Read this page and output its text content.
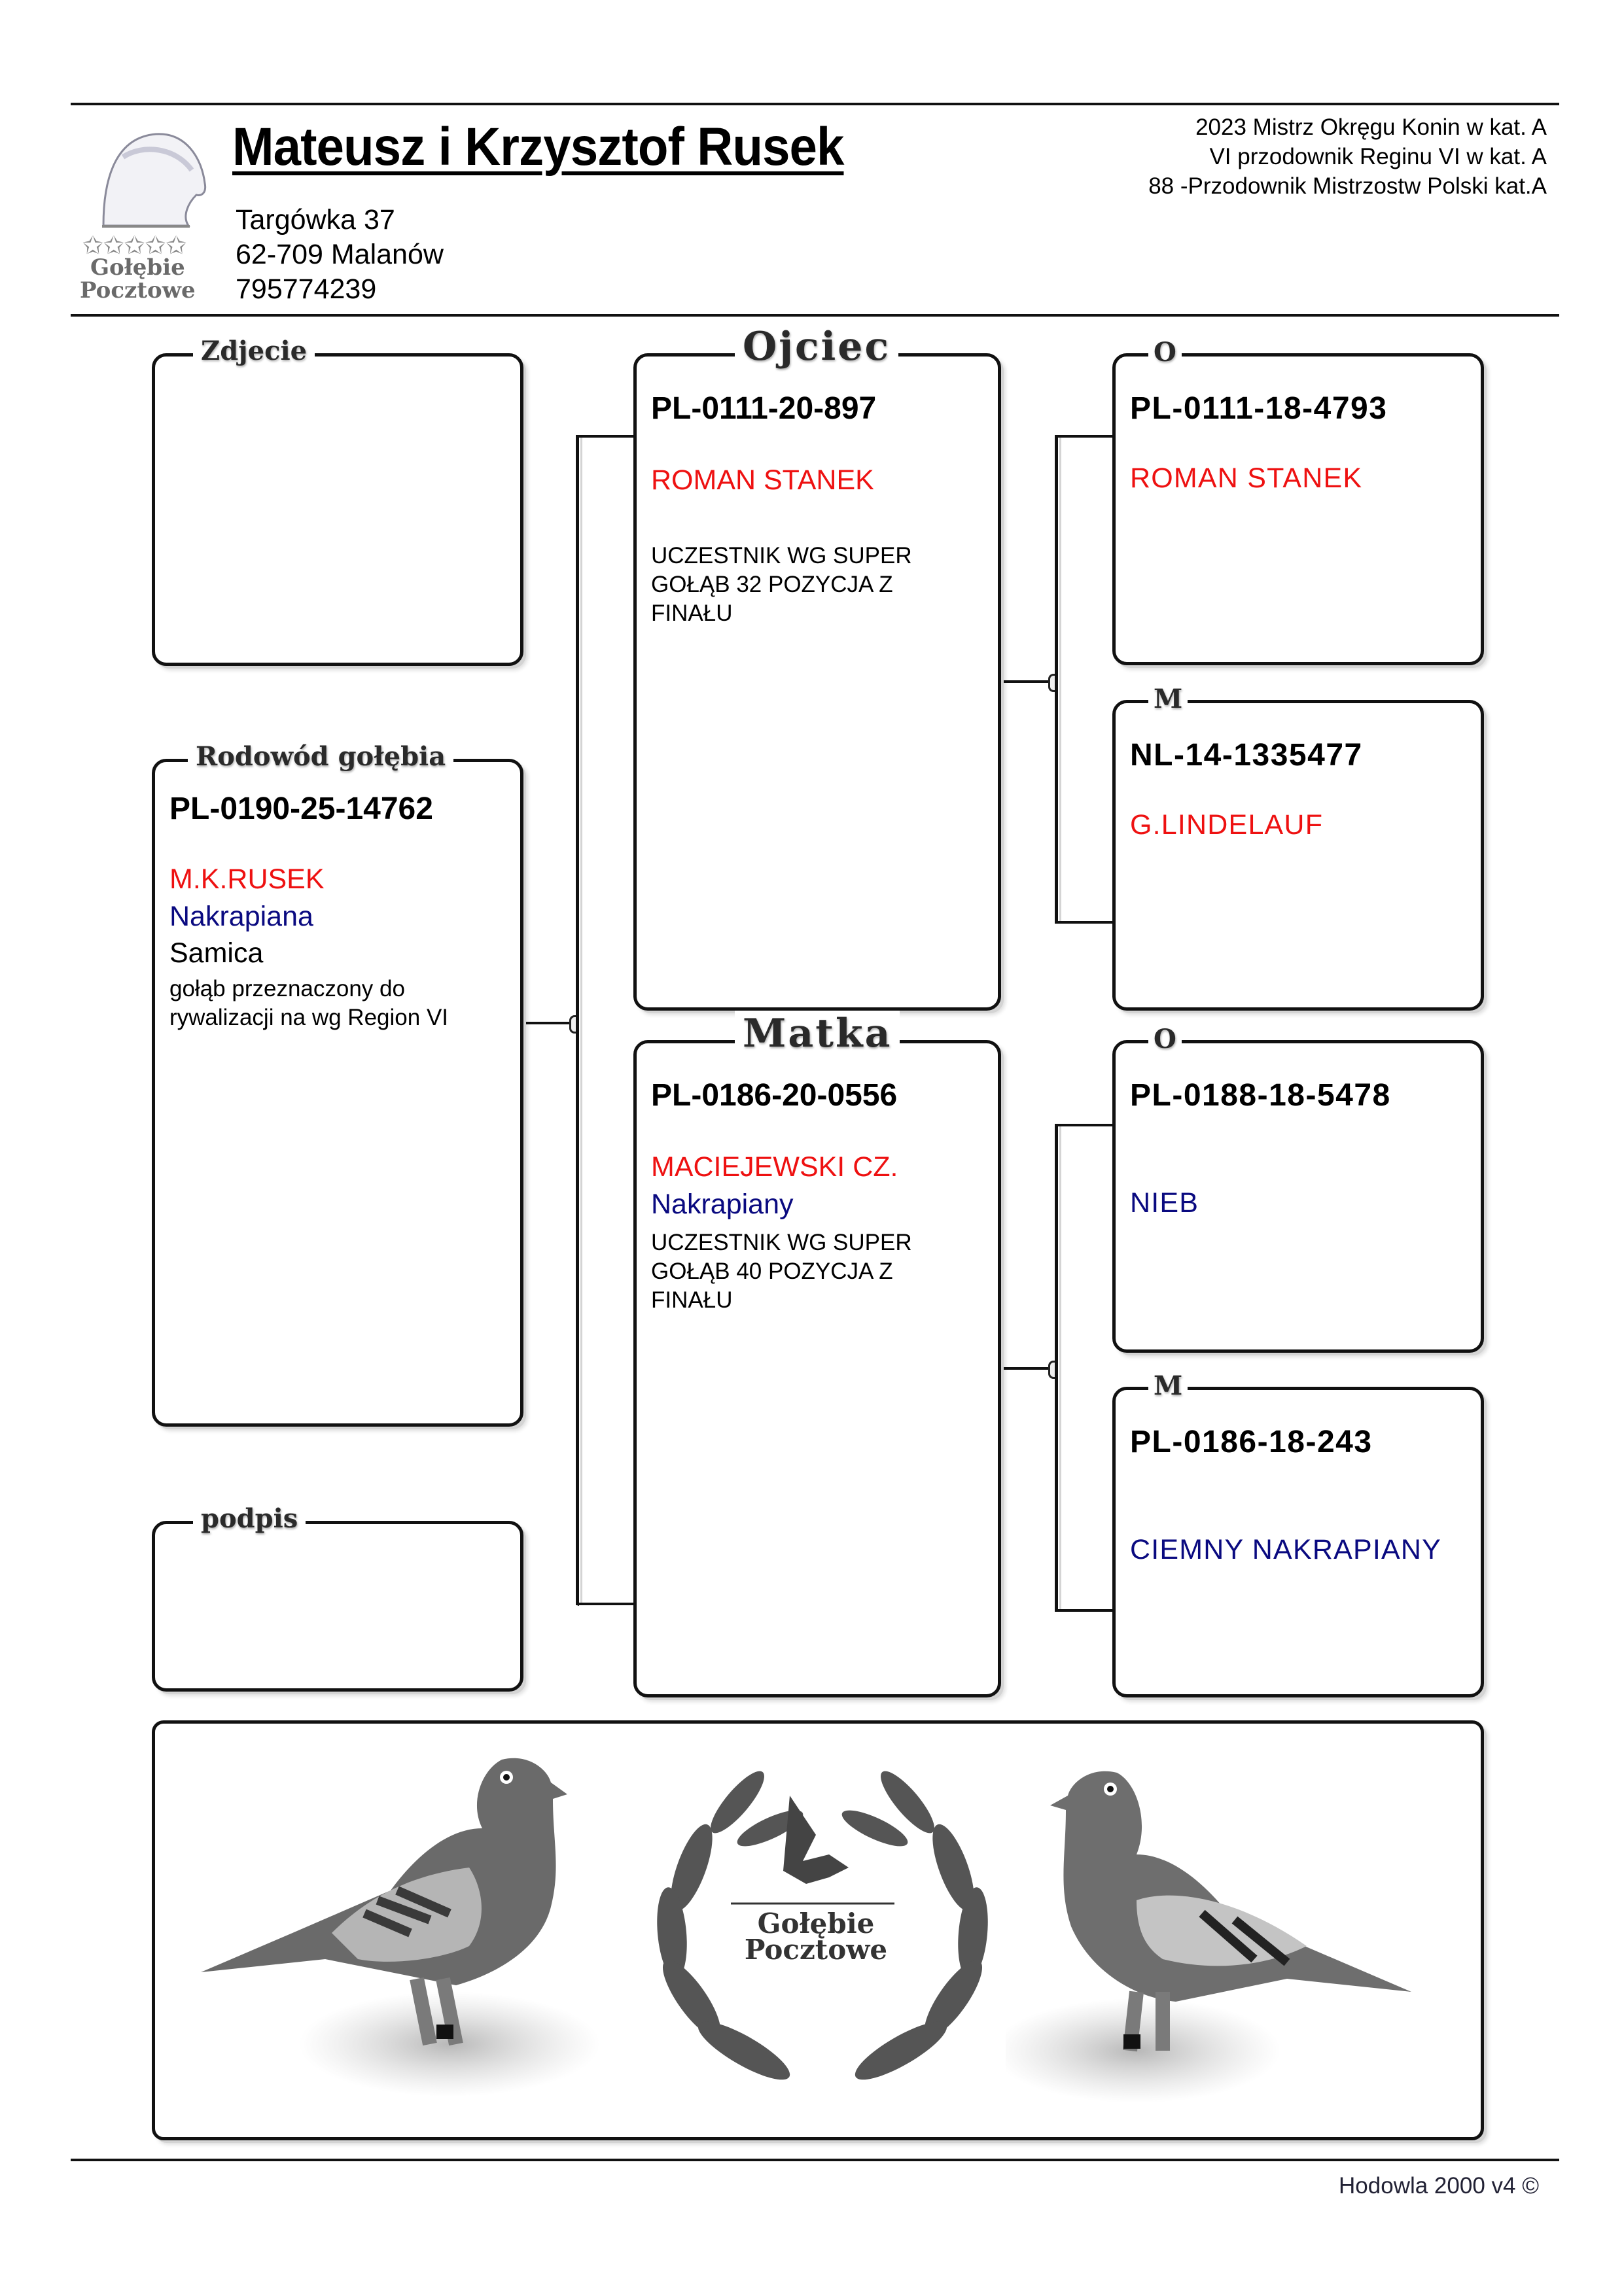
✩✩✩✩✩
Gołębie
Pocztowe
Mateusz i Krzysztof Rusek
Targówka 37
62-709 Malanów
795774239
2023 Mistrz Okręgu Konin w kat. A
VI przodownik Reginu VI w kat. A
88 -Przodownik Mistrzostw Polski kat.A
Zdjecie
Rodowód gołębia
PL-0190-25-14762
M.K.RUSEK
Nakrapiana
Samica
gołąb przeznaczony do rywalizacji na wg Region VI
podpis
Ojciec
PL-0111-20-897
ROMAN STANEK
UCZESTNIK WG SUPER GOŁĄB 32 POZYCJA Z FINAŁU
Matka
PL-0186-20-0556
MACIEJEWSKI CZ.
Nakrapiany
UCZESTNIK WG SUPER GOŁĄB 40 POZYCJA Z FINAŁU
O
PL-0111-18-4793
ROMAN STANEK
M
NL-14-1335477
G.LINDELAUF
O
PL-0188-18-5478
NIEB
M
PL-0186-18-243
CIEMNY NAKRAPIANY
Gołębie
Pocztowe
Hodowla 2000 v4 ©
